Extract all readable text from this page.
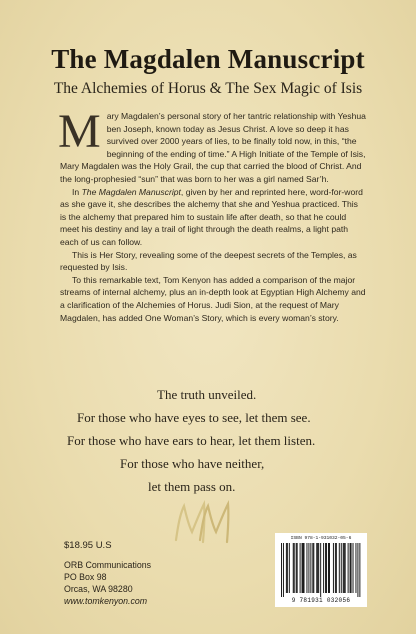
The Magdalen Manuscript
The Alchemies of Horus & The Sex Magic of Isis

Mary Magdalen’s personal story of her tantric relationship with Yeshua ben Joseph, known today as Jesus Christ. A love so deep it has survived over 2000 years of lies, to be finally told now, in this, “the beginning of the ending of time.” A High Initiate of the Temple of Isis, Mary Magdalen was the Holy Grail, the cup that carried the blood of Christ. And the long-prophesied “sun” that was born to her was a girl named Sar’h.

In The Magdalen Manuscript, given by her and reprinted here, word-for-word as she gave it, she describes the alchemy that she and Yeshua practiced. This is the alchemy that prepared him to sustain life after death, so that he could meet his destiny and lay a trail of light through the death realms, a light path each of us can follow.

This is Her Story, revealing some of the deepest secrets of the Temples, as requested by Isis.

To this remarkable text, Tom Kenyon has added a comparison of the major streams of internal alchemy, plus an in-depth look at Egyptian High Alchemy and a clarification of the Alchemies of Horus. Judi Sion, at the request of Mary Magdalen, has added One Woman’s Story, which is every woman’s story.

The truth unveiled.
For those who have eyes to see, let them see.
For those who have ears to hear, let them listen.
For those who have neither,
let them pass on.
$18.95 U.S
ORB Communications
PO Box 98
Orcas, WA 98280
www.tomkenyon.com
ISBN 978-1-931032-05-6
9 781931 032056
